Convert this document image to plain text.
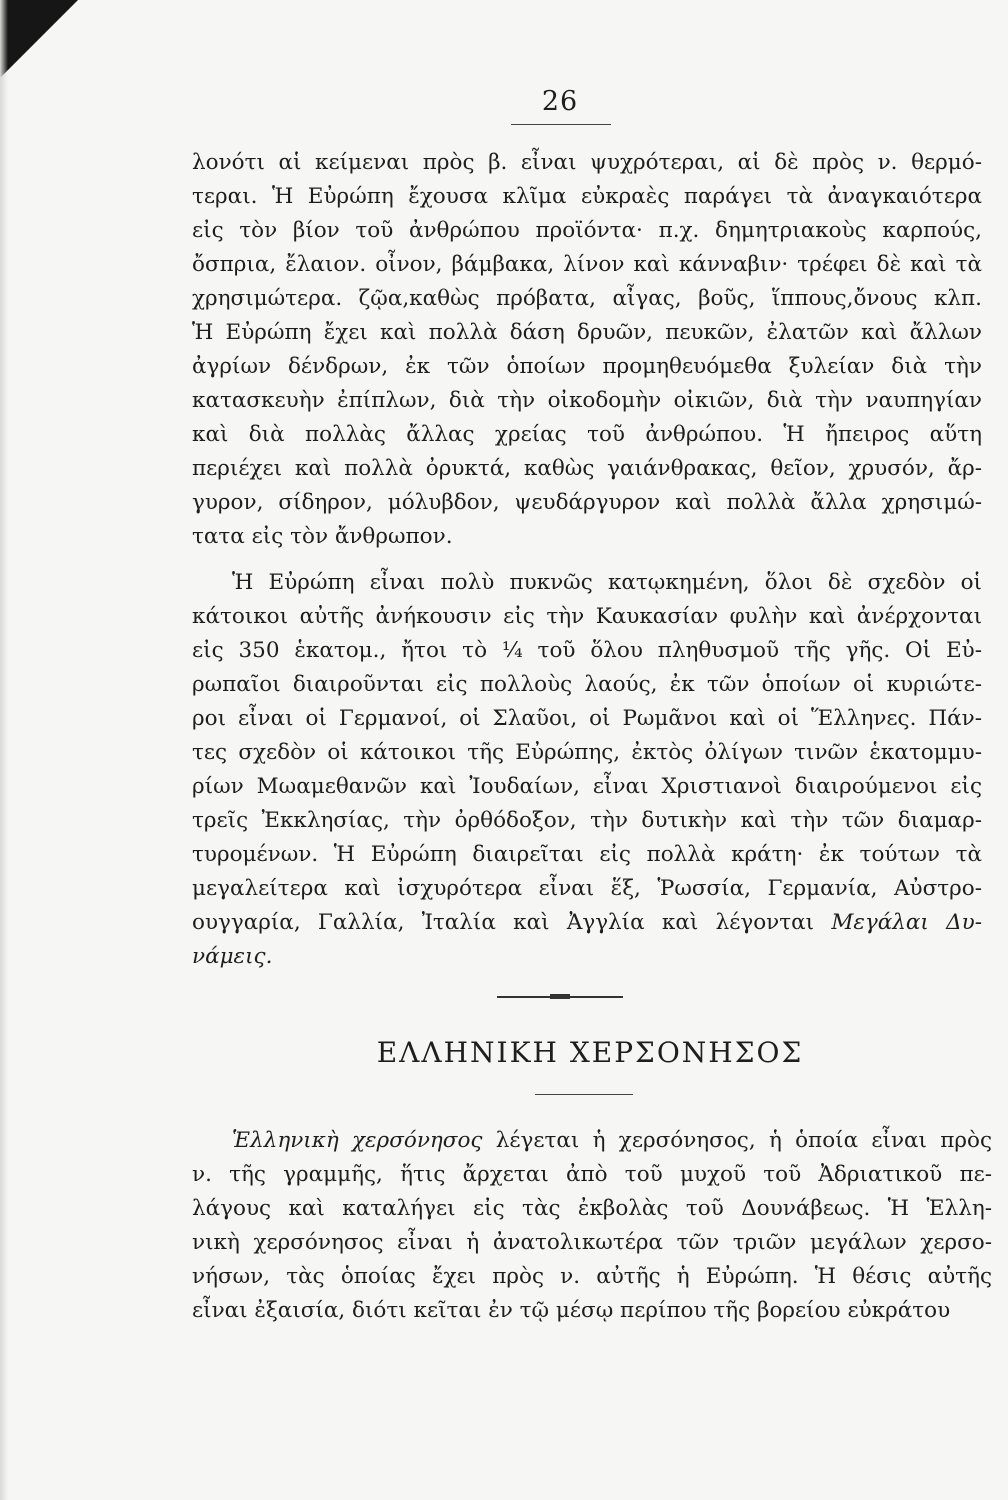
26
λονότι αἱ κείμεναι πρὸς β. εἶναι ψυχρότεραι, αἱ δὲ πρὸς ν. θερμό-
τεραι. Ἡ Εὐρώπη ἔχουσα κλῖμα εὐκραὲς παράγει τὰ ἀναγκαιότερα
εἰς τὸν βίον τοῦ ἀνθρώπου προϊόντα· π.χ. δημητριακοὺς καρπούς,
ὄσπρια, ἔλαιον. οἶνον, βάμβακα, λίνον καὶ κάνναβιν· τρέφει δὲ καὶ τὰ
χρησιμώτερα. ζῷα,καθὼς πρόβατα, αἶγας, βοῦς, ἵππους,ὄνους κλπ.
Ἡ Εὐρώπη ἔχει καὶ πολλὰ δάση δρυῶν, πευκῶν, ἐλατῶν καὶ ἄλλων
ἀγρίων δένδρων, ἐκ τῶν ὁποίων προμηθευόμεθα ξυλείαν διὰ τὴν
κατασκευὴν ἐπίπλων, διὰ τὴν οἰκοδομὴν οἰκιῶν, διὰ τὴν ναυπηγίαν
καὶ διὰ πολλὰς ἄλλας χρείας τοῦ ἀνθρώπου. Ἡ ἤπειρος αὕτη
περιέχει καὶ πολλὰ ὀρυκτά, καθὼς γαιάνθρακας, θεῖον, χρυσόν, ἄρ-
γυρον, σίδηρον, μόλυβδον, ψευδάργυρον καὶ πολλὰ ἄλλα χρησιμώ-
τατα εἰς τὸν ἄνθρωπον.
Ἡ Εὐρώπη εἶναι πολὺ πυκνῶς κατῳκημένη, ὅλοι δὲ σχεδὸν οἱ
κάτοικοι αὐτῆς ἀνήκουσιν εἰς τὴν Καυκασίαν φυλὴν καὶ ἀνέρχονται
εἰς 350 ἑκατομ., ἤτοι τὸ ¼ τοῦ ὅλου πληθυσμοῦ τῆς γῆς. Οἱ Εὐ-
ρωπαῖοι διαιροῦνται εἰς πολλοὺς λαούς, ἐκ τῶν ὁποίων οἱ κυριώτε-
ροι εἶναι οἱ Γερμανοί, οἱ Σλαῦοι, οἱ Ρωμᾶνοι καὶ οἱ Ἕλληνες. Πάν-
τες σχεδὸν οἱ κάτοικοι τῆς Εὐρώπης, ἐκτὸς ὀλίγων τινῶν ἑκατομμυ-
ρίων Μωαμεθανῶν καὶ Ἰουδαίων, εἶναι Χριστιανοὶ διαιρούμενοι εἰς
τρεῖς Ἐκκλησίας, τὴν ὀρθόδοξον, τὴν δυτικὴν καὶ τὴν τῶν διαμαρ-
τυρομένων. Ἡ Εὐρώπη διαιρεῖται εἰς πολλὰ κράτη· ἐκ τούτων τὰ
μεγαλείτερα καὶ ἰσχυρότερα εἶναι ἕξ, Ῥωσσία, Γερμανία, Αὐστρο-
ουγγαρία, Γαλλία, Ἰταλία καὶ Ἀγγλία καὶ λέγονται Μεγάλαι Δυ-
νάμεις.
ΕΛΛΗΝΙΚΗ ΧΕΡΣΟΝΗΣΟΣ
Ἑλληνικὴ χερσόνησος λέγεται ἡ χερσόνησος, ἡ ὁποία εἶναι πρὸς
ν. τῆς γραμμῆς, ἥτις ἄρχεται ἀπὸ τοῦ μυχοῦ τοῦ Ἀδριατικοῦ πε-
λάγους καὶ καταλήγει εἰς τὰς ἐκβολὰς τοῦ Δουνάβεως. Ἡ Ἑλλη-
νικὴ χερσόνησος εἶναι ἡ ἀνατολικωτέρα τῶν τριῶν μεγάλων χερσο-
νήσων, τὰς ὁποίας ἔχει πρὸς ν. αὐτῆς ἡ Εὐρώπη. Ἡ θέσις αὐτῆς
εἶναι ἐξαισία, διότι κεῖται ἐν τῷ μέσῳ περίπου τῆς βορείου εὐκράτου
